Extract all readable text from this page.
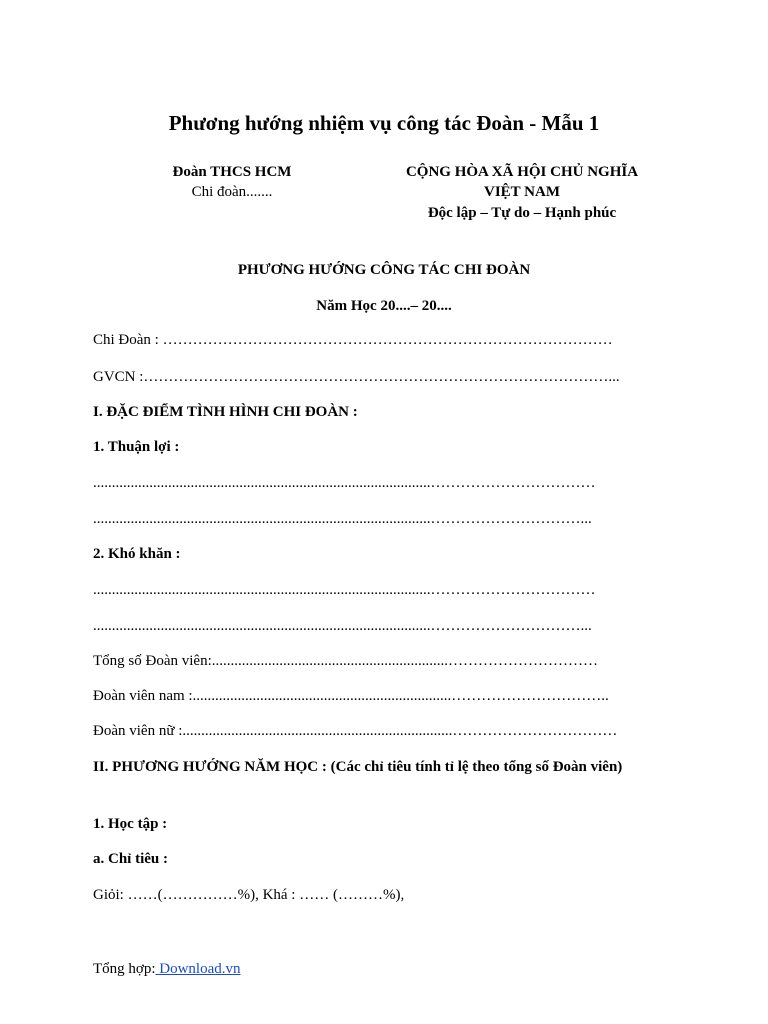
Phương hướng nhiệm vụ công tác Đoàn - Mẫu 1
Đoàn THCS HCM
Chi đoàn.......
CỘNG HÒA XÃ HỘI CHỦ NGHĨA
VIỆT NAM
Độc lập – Tự do – Hạnh phúc
PHƯƠNG HƯỚNG CÔNG TÁC CHI ĐOÀN
Năm Học 20....– 20....
Chi Đoàn : ………………………………………………………………………………
GVCN :…………………………………………………………………………………...
I. ĐẶC ĐIỂM TÌNH HÌNH CHI ĐOÀN :
1. Thuận lợi :
..........................................................................................……………………………
..........................................................................................…………………………...
2. Khó khăn :
..........................................................................................……………………………
..........................................................................................…………………………...
Tổng số Đoàn viên:...............................................................…………………………
Đoàn viên nam :.....................................................................…………………………..
Đoàn viên nữ :........................................................................……………………………
II. PHƯƠNG HƯỚNG NĂM HỌC : (Các chỉ tiêu tính tỉ lệ theo tổng số Đoàn viên)
1. Học tập :
a. Chỉ tiêu :
Giỏi: ……(……………%), Khá : …… (………%),
Tổng hợp: Download.vn
